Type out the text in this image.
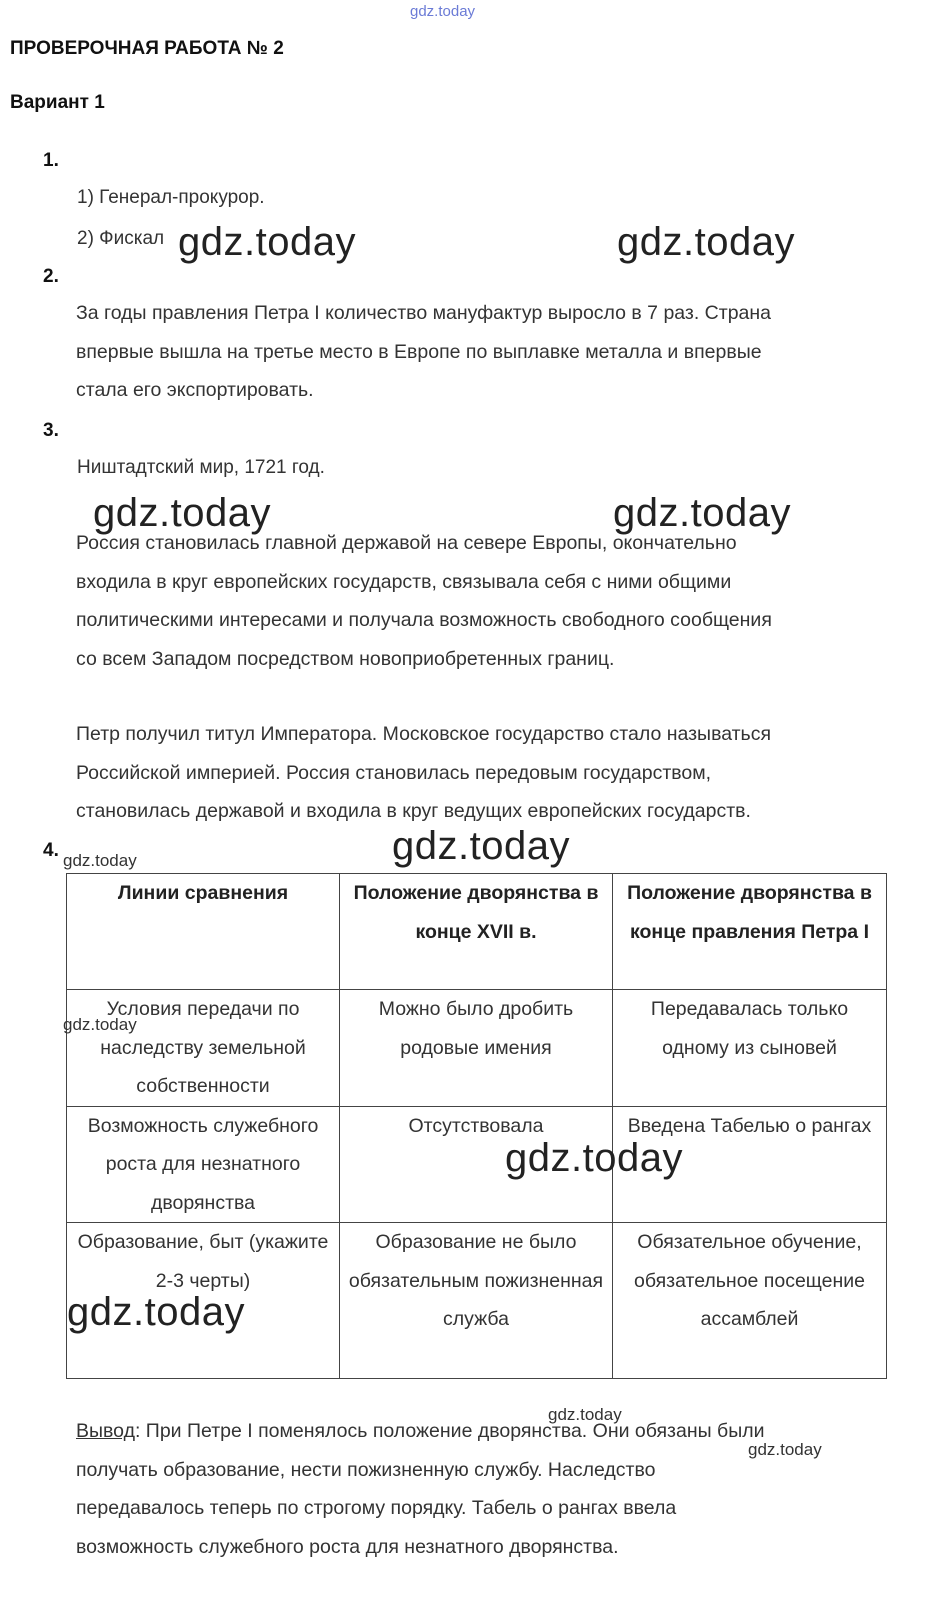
gdz.today
ПРОВЕРОЧНАЯ РАБОТА № 2
Вариант 1
1.
1) Генерал-прокурор.
2) Фискал
2.
За годы правления Петра I количество мануфактур выросло в 7 раз. Страна
впервые вышла на третье место в Европе по выплавке металла и впервые
стала его экспортировать.
3.
Ништадтский мир, 1721 год.
Россия становилась главной державой на севере Европы, окончательно
входила в круг европейских государств, связывала себя с ними общими
политическими интересами и получала возможность свободного сообщения
со всем Западом посредством новоприобретенных границ.
Петр получил титул Императора. Московское государство стало называться
Российской империей. Россия становилась передовым государством,
становилась державой и входила в круг ведущих европейских государств.
4.
Линии сравнения	Положение дворянства в конце XVII в.	Положение дворянства в конце правления Петра I
Условия передачи по наследству земельной собственности	Можно было дробить родовые имения	Передавалась только одному из сыновей
Возможность служебного роста для незнатного дворянства	Отсутствовала	Введена Табелью о рангах
Образование, быт (укажите 2-3 черты)	Образование не было обязательным пожизненная служба	Обязательное обучение, обязательное посещение ассамблей
Вывод: При Петре I поменялось положение дворянства. Они обязаны были
получать образование, нести пожизненную службу. Наследство
передавалось теперь по строгому порядку. Табель о рангах ввела
возможность служебного роста для незнатного дворянства.
gdz.today	gdz.today
gdz.today	gdz.today
gdz.today
gdz.today
gdz.today
gdz.today
gdz.today
gdz.today
gdz.today
